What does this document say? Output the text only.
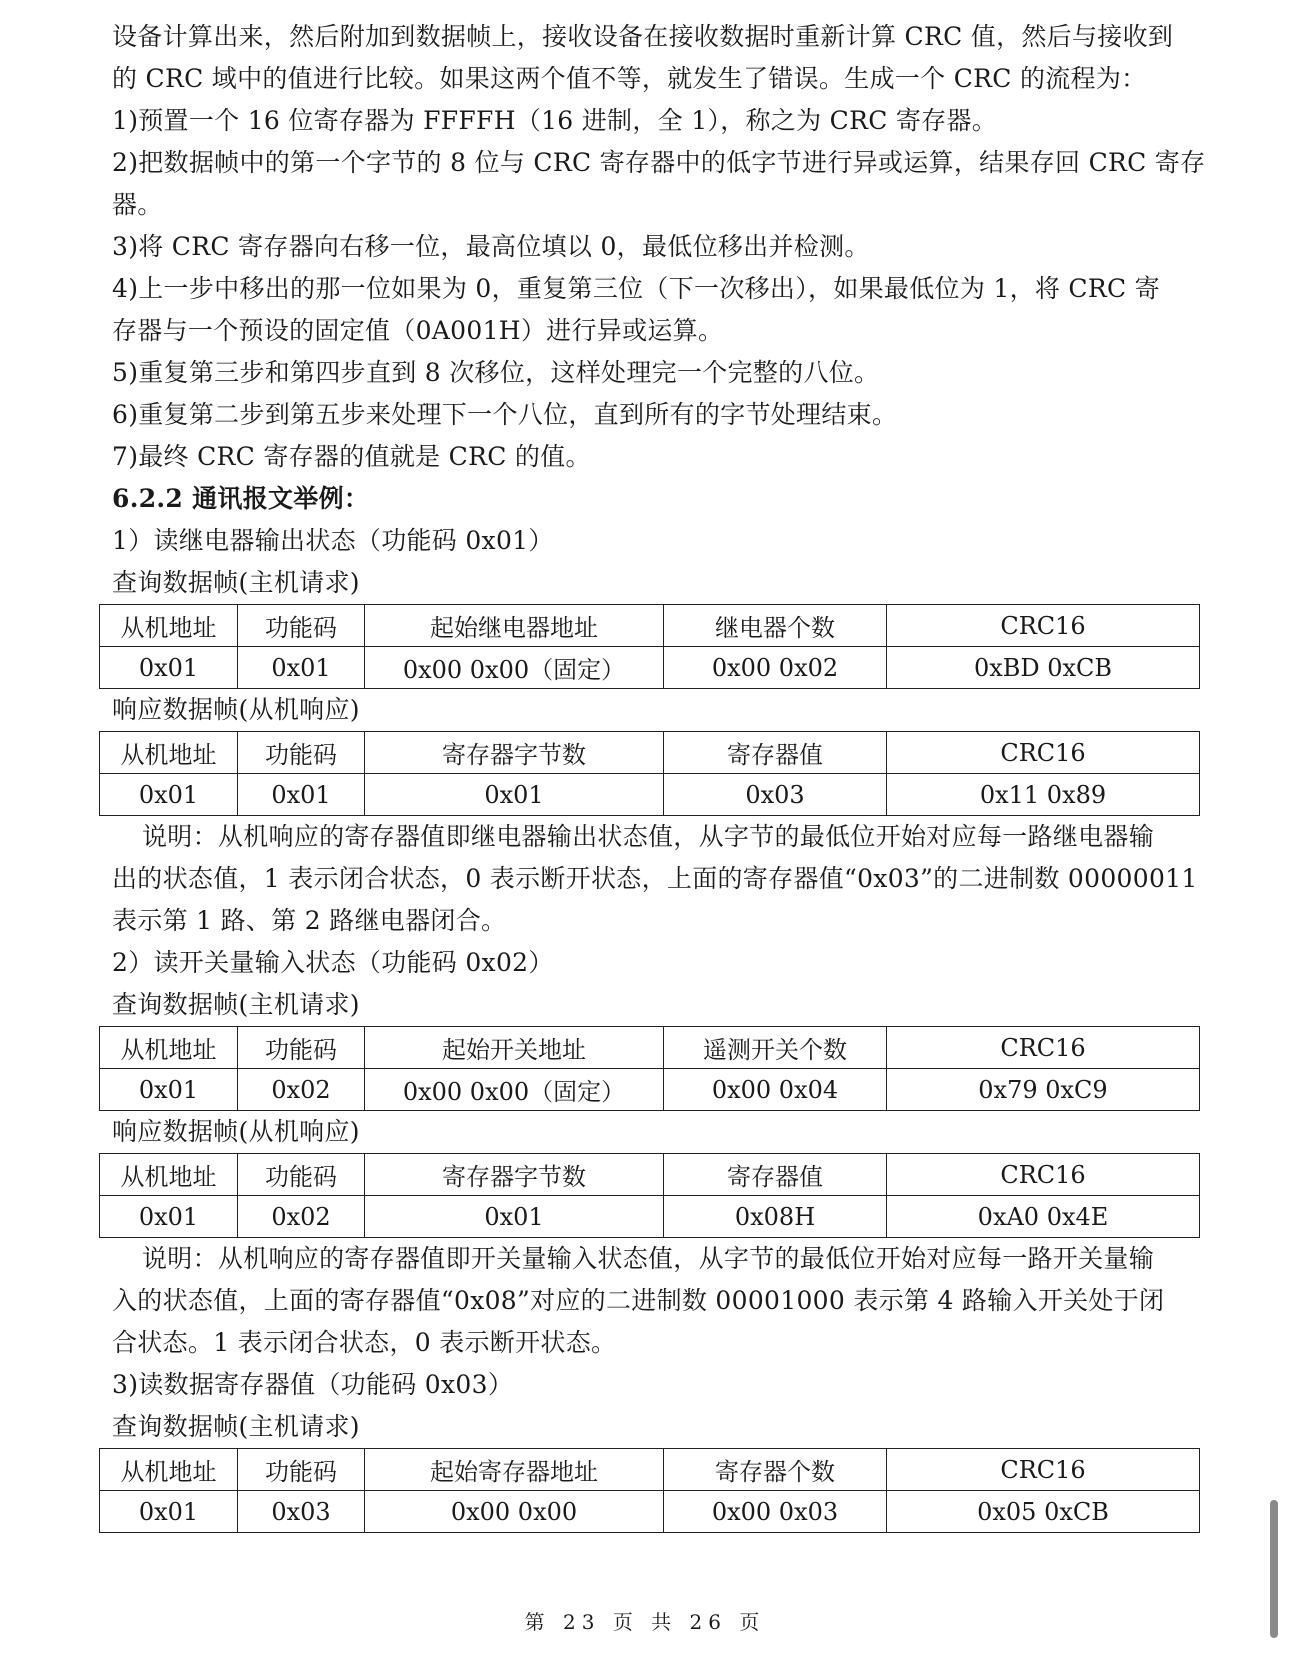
设备计算出来，然后附加到数据帧上，接收设备在接收数据时重新计算 CRC 值，然后与接收到
的 CRC 域中的值进行比较。如果这两个值不等，就发生了错误。生成一个 CRC 的流程为：
1)预置一个 16 位寄存器为 FFFFH（16 进制，全 1），称之为 CRC 寄存器。
2)把数据帧中的第一个字节的 8 位与 CRC 寄存器中的低字节进行异或运算，结果存回 CRC 寄存
器。
3)将 CRC 寄存器向右移一位，最高位填以 0，最低位移出并检测。
4)上一步中移出的那一位如果为 0，重复第三位（下一次移出），如果最低位为 1，将 CRC 寄
存器与一个预设的固定值（0A001H）进行异或运算。
5)重复第三步和第四步直到 8 次移位，这样处理完一个完整的八位。
6)重复第二步到第五步来处理下一个八位，直到所有的字节处理结束。
7)最终 CRC 寄存器的值就是 CRC 的值。
6.2.2 通讯报文举例：
1）读继电器输出状态（功能码 0x01）
查询数据帧(主机请求)
从机地址	功能码	起始继电器地址	继电器个数	CRC16
0x01	0x01	0x00 0x00（固定）	0x00 0x02	0xBD 0xCB
响应数据帧(从机响应)
从机地址	功能码	寄存器字节数	寄存器值	CRC16
0x01	0x01	0x01	0x03	0x11 0x89
说明：从机响应的寄存器值即继电器输出状态值，从字节的最低位开始对应每一路继电器输
出的状态值，1 表示闭合状态，0 表示断开状态，上面的寄存器值“0x03”的二进制数 00000011
表示第 1 路、第 2 路继电器闭合。
2）读开关量输入状态（功能码 0x02）
查询数据帧(主机请求)
从机地址	功能码	起始开关地址	遥测开关个数	CRC16
0x01	0x02	0x00 0x00（固定）	0x00 0x04	0x79 0xC9
响应数据帧(从机响应)
从机地址	功能码	寄存器字节数	寄存器值	CRC16
0x01	0x02	0x01	0x08H	0xA0 0x4E
说明：从机响应的寄存器值即开关量输入状态值，从字节的最低位开始对应每一路开关量输
入的状态值，上面的寄存器值“0x08”对应的二进制数 00001000 表示第 4 路输入开关处于闭
合状态。1 表示闭合状态，0 表示断开状态。
3)读数据寄存器值（功能码 0x03）
查询数据帧(主机请求)
从机地址	功能码	起始寄存器地址	寄存器个数	CRC16
0x01	0x03	0x00 0x00	0x00 0x03	0x05 0xCB
第 23 页 共 26 页
